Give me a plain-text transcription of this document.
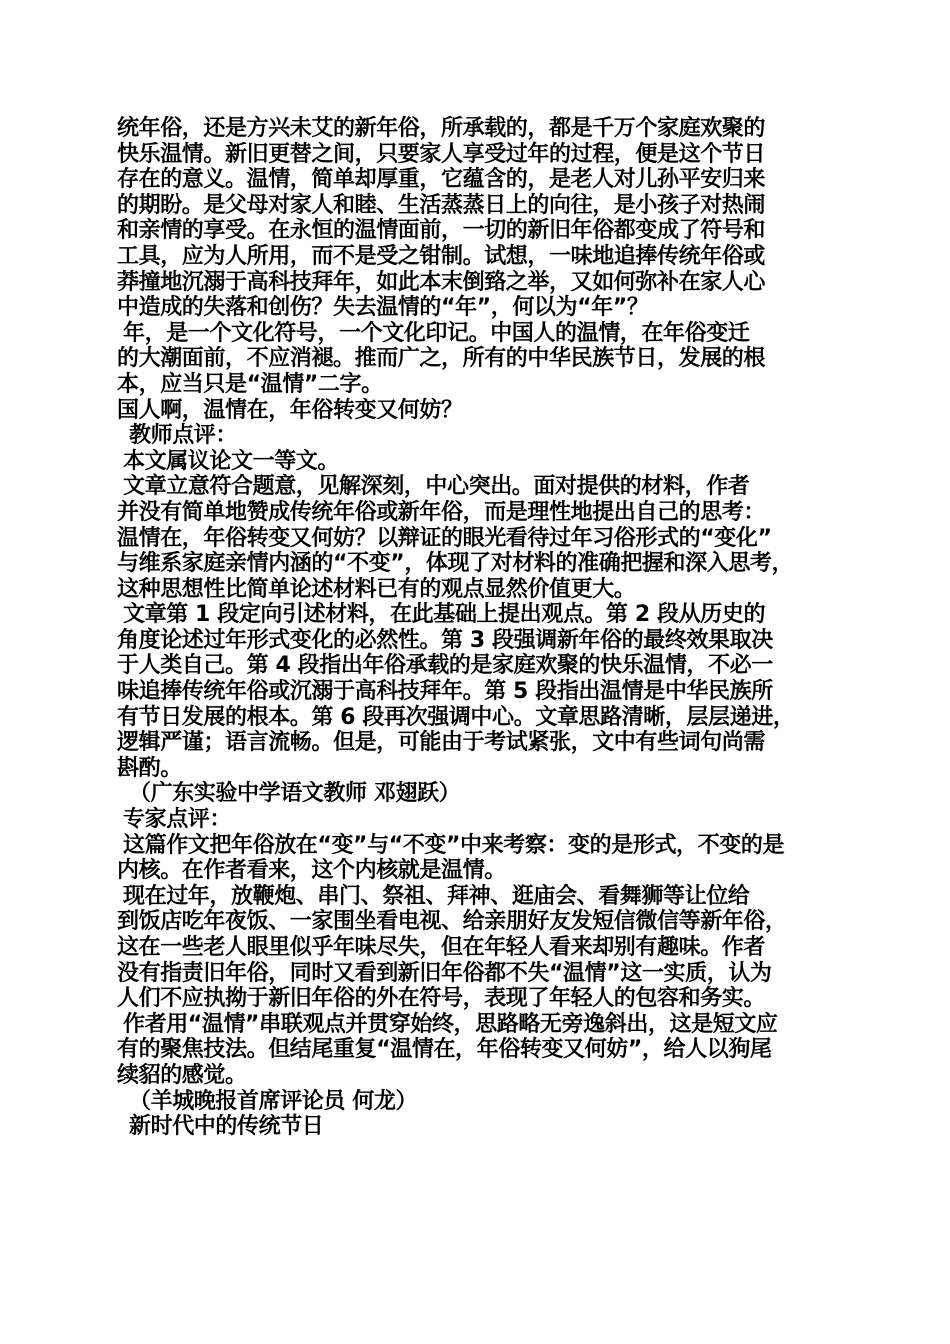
统年俗，还是方兴未艾的新年俗，所承载的，都是千万个家庭欢聚的
快乐温情。新旧更替之间，只要家人享受过年的过程，便是这个节日
存在的意义。温情，简单却厚重，它蕴含的，是老人对儿孙平安归来
的期盼。是父母对家人和睦、生活蒸蒸日上的向往，是小孩子对热闹
和亲情的享受。在永恒的温情面前，一切的新旧年俗都变成了符号和
工具，应为人所用，而不是受之钳制。试想，一味地追捧传统年俗或
莽撞地沉溺于高科技拜年，如此本末倒臵之举，又如何弥补在家人心
中造成的失落和创伤？失去温情的“年”，何以为“年”？
年，是一个文化符号，一个文化印记。中国人的温情，在年俗变迁
的大潮面前，不应消褪。推而广之，所有的中华民族节日，发展的根
本，应当只是“温情”二字。
国人啊，温情在，年俗转变又何妨？
教师点评：
本文属议论文一等文。
文章立意符合题意，见解深刻，中心突出。面对提供的材料，作者
并没有简单地赞成传统年俗或新年俗，而是理性地提出自己的思考：
温情在，年俗转变又何妨？以辩证的眼光看待过年习俗形式的“变化”
与维系家庭亲情内涵的“不变”，体现了对材料的准确把握和深入思考，
这种思想性比简单论述材料已有的观点显然价值更大。
文章第 1 段定向引述材料，在此基础上提出观点。第 2 段从历史的
角度论述过年形式变化的必然性。第 3 段强调新年俗的最终效果取决
于人类自己。第 4 段指出年俗承载的是家庭欢聚的快乐温情，不必一
味追捧传统年俗或沉溺于高科技拜年。第 5 段指出温情是中华民族所
有节日发展的根本。第 6 段再次强调中心。文章思路清晰，层层递进，
逻辑严谨；语言流畅。但是，可能由于考试紧张，文中有些词句尚需
斟酌。
（广东实验中学语文教师 邓翅跃）
专家点评：
这篇作文把年俗放在“变”与“不变”中来考察：变的是形式，不变的是
内核。在作者看来，这个内核就是温情。
现在过年，放鞭炮、串门、祭祖、拜神、逛庙会、看舞狮等让位给
到饭店吃年夜饭、一家围坐看电视、给亲朋好友发短信微信等新年俗，
这在一些老人眼里似乎年味尽失，但在年轻人看来却别有趣味。作者
没有指责旧年俗，同时又看到新旧年俗都不失“温情”这一实质，认为
人们不应执拗于新旧年俗的外在符号，表现了年轻人的包容和务实。
作者用“温情”串联观点并贯穿始终，思路略无旁逸斜出，这是短文应
有的聚焦技法。但结尾重复“温情在，年俗转变又何妨”，给人以狗尾
续貂的感觉。
（羊城晚报首席评论员 何龙）
新时代中的传统节日
